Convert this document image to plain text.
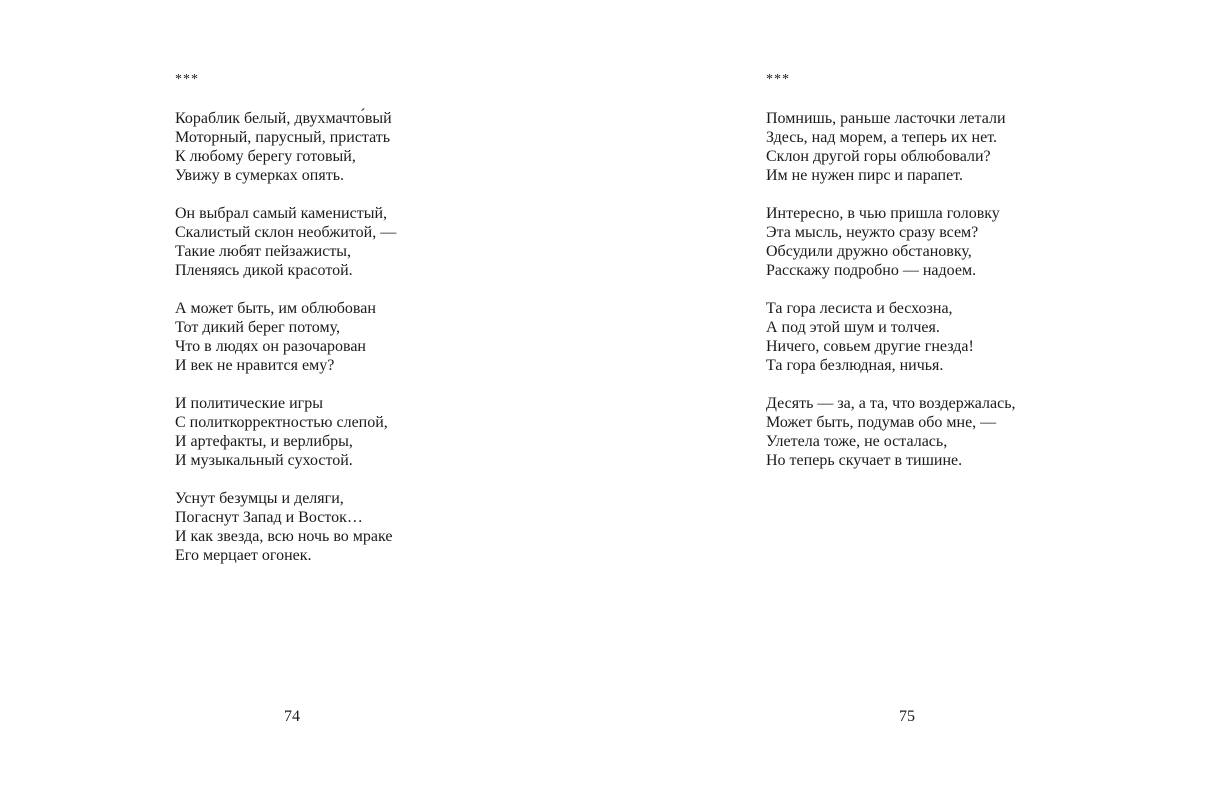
***
Кораблик белый, двухмачто́вый
Моторный, парусный, пристать
К любому берегу готовый,
Увижу в сумерках опять.
Он выбрал самый каменистый,
Скалистый склон необжитой, —
Такие любят пейзажисты,
Пленяясь дикой красотой.
А может быть, им облюбован
Тот дикий берег потому,
Что в людях он разочарован
И век не нравится ему?
И политические игры
С политкорректностью слепой,
И артефакты, и верлибры,
И музыкальный сухостой.
Уснут безумцы и деляги,
Погаснут Запад и Восток…
И как звезда, всю ночь во мраке
Его мерцает огонек.
74
***
Помнишь, раньше ласточки летали
Здесь, над морем, а теперь их нет.
Склон другой горы облюбовали?
Им не нужен пирс и парапет.
Интересно, в чью пришла головку
Эта мысль, неужто сразу всем?
Обсудили дружно обстановку,
Расскажу подробно — надоем.
Та гора лесиста и бесхозна,
А под этой шум и толчея.
Ничего, совьем другие гнезда!
Та гора безлюдная, ничья.
Десять — за, а та, что воздержалась,
Может быть, подумав обо мне, —
Улетела тоже, не осталась,
Но теперь скучает в тишине.
75
